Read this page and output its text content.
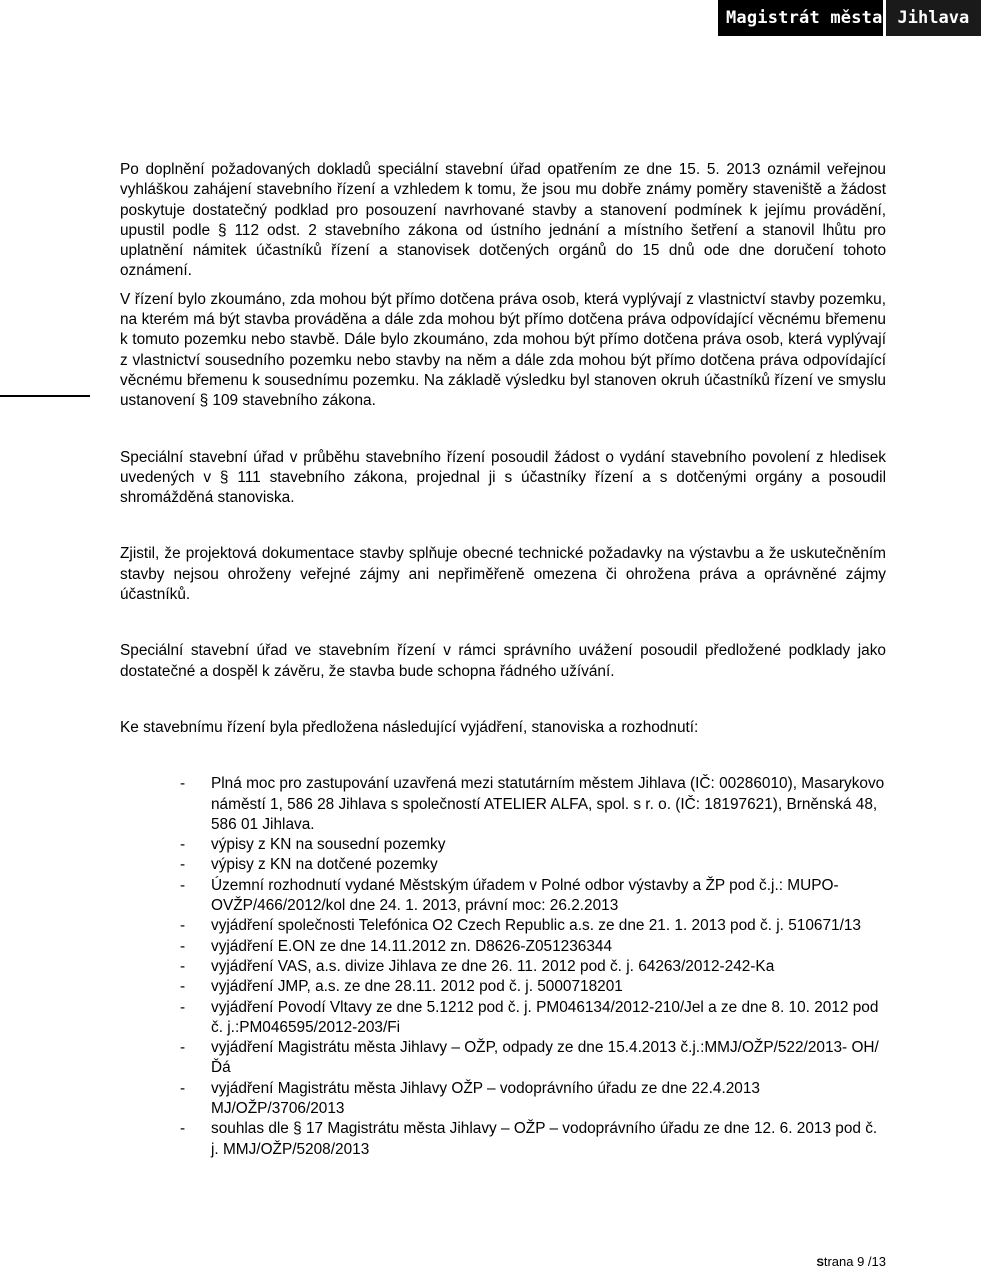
Magistrát města Jihlava

Po doplnění požadovaných dokladů speciální stavební úřad opatřením ze dne 15. 5. 2013 oznámil veřejnou vyhláškou zahájení stavebního řízení a vzhledem k tomu, že jsou mu dobře známy poměry staveniště a žádost poskytuje dostatečný podklad pro posouzení navrhované stavby a stanovení podmínek k jejímu provádění, upustil podle § 112 odst. 2 stavebního zákona od ústního jednání a místního šetření a stanovil lhůtu pro uplatnění námitek účastníků řízení a stanovisek dotčených orgánů do 15 dnů ode dne doručení tohoto oznámení.

V řízení bylo zkoumáno, zda mohou být přímo dotčena práva osob, která vyplývají z vlastnictví stavby pozemku, na kterém má být stavba prováděna a dále zda mohou být přímo dotčena práva odpovídající věcnému břemenu k tomuto pozemku nebo stavbě. Dále bylo zkoumáno, zda mohou být přímo dotčena práva osob, která vyplývají z vlastnictví sousedního pozemku nebo stavby na něm a dále zda mohou být přímo dotčena práva odpovídající věcnému břemenu k sousednímu pozemku. Na základě výsledku byl stanoven okruh účastníků řízení ve smyslu ustanovení § 109 stavebního zákona.

Speciální stavební úřad v průběhu stavebního řízení posoudil žádost o vydání stavebního povolení z hledisek uvedených v § 111 stavebního zákona, projednal ji s účastníky řízení a s dotčenými orgány a posoudil shromážděná stanoviska.

Zjistil, že projektová dokumentace stavby splňuje obecné technické požadavky na výstavbu a že uskutečněním stavby nejsou ohroženy veřejné zájmy ani nepřiměřeně omezena či ohrožena práva a oprávněné zájmy účastníků.

Speciální stavební úřad ve stavebním řízení v rámci správního uvážení posoudil předložené podklady jako dostatečné a dospěl k závěru, že stavba bude schopna řádného užívání.

Ke stavebnímu řízení byla předložena následující vyjádření, stanoviska a rozhodnutí:

- Plná moc pro zastupování uzavřená mezi statutárním městem Jihlava (IČ: 00286010), Masarykovo náměstí 1, 586 28 Jihlava s společností ATELIER ALFA, spol. s r. o. (IČ: 18197621), Brněnská 48, 586 01 Jihlava.
- výpisy z KN na sousední pozemky
- výpisy z KN na dotčené pozemky
- Územní rozhodnutí vydané Městským úřadem v Polné odbor výstavby a ŽP pod č.j.: MUPO-OVŽP/466/2012/kol dne 24. 1. 2013, právní moc: 26.2.2013
- vyjádření společnosti Telefónica O2 Czech Republic a.s. ze dne 21. 1. 2013 pod č. j. 510671/13
- vyjádření E.ON ze dne 14.11.2012 zn. D8626-Z051236344
- vyjádření VAS, a.s. divize Jihlava ze dne 26. 11. 2012 pod č. j. 64263/2012-242-Ka
- vyjádření JMP, a.s. ze dne 28.11. 2012 pod č. j. 5000718201
- vyjádření Povodí Vltavy ze dne 5.1212 pod č. j. PM046134/2012-210/Jel a ze dne 8. 10. 2012 pod č. j.:PM046595/2012-203/Fi
- vyjádření Magistrátu města Jihlavy – OŽP, odpady ze dne 15.4.2013 č.j.:MMJ/OŽP/522/2013- OH/Ďá
- vyjádření Magistrátu města Jihlavy OŽP – vodoprávního úřadu ze dne 22.4.2013 MJ/OŽP/3706/2013
- souhlas dle § 17 Magistrátu města Jihlavy – OŽP – vodoprávního úřadu ze dne 12. 6. 2013 pod č. j. MMJ/OŽP/5208/2013
Strana 9 /13
